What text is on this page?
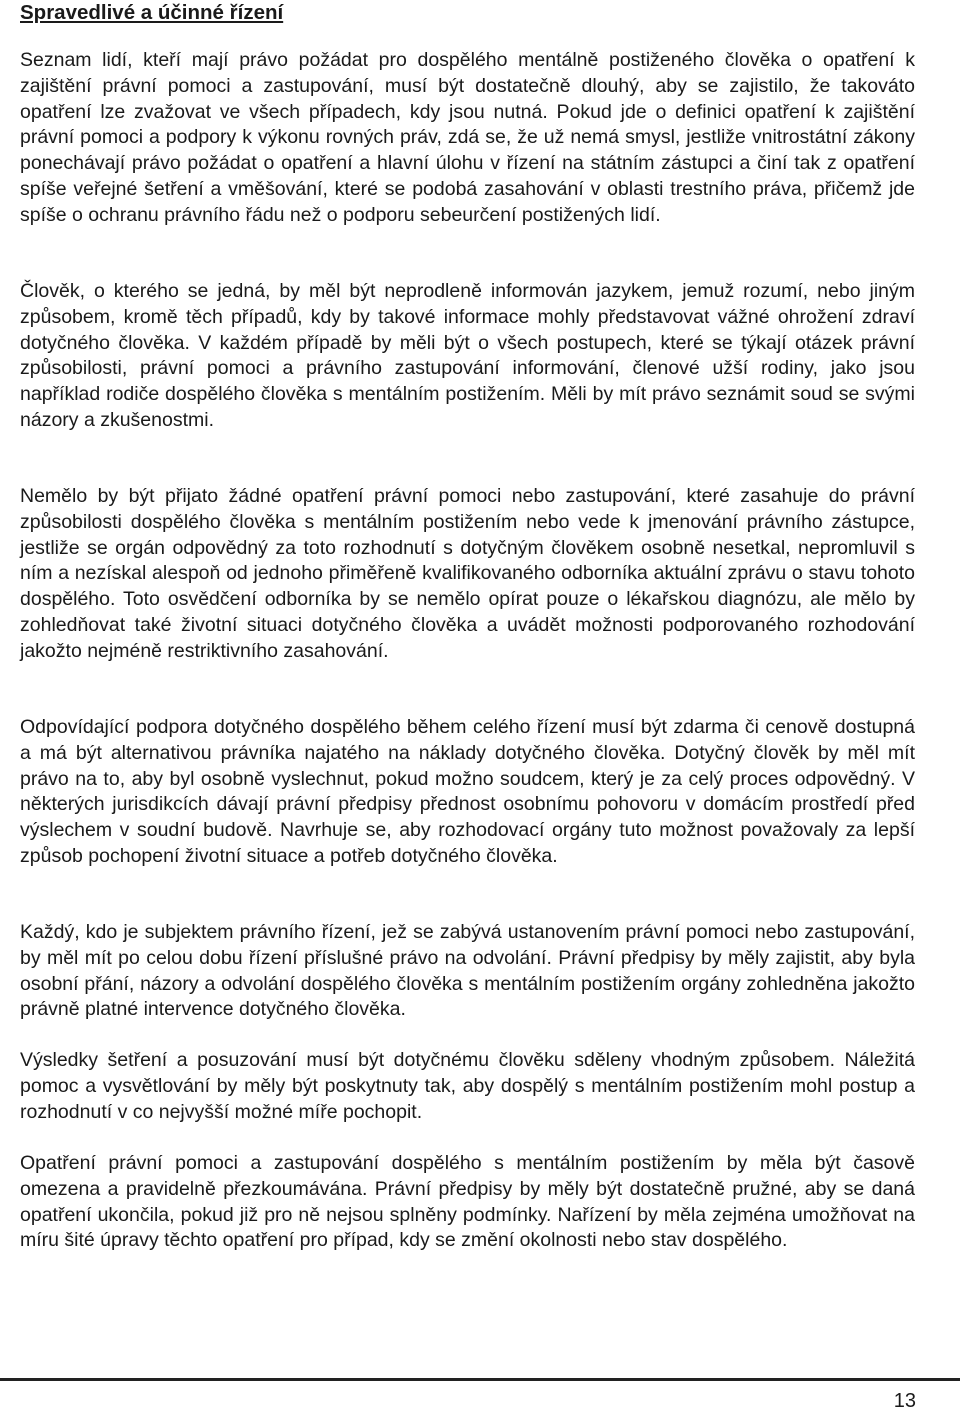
Spravedlivé a účinné řízení

Seznam lidí, kteří mají právo požádat pro dospělého mentálně postiženého člověka o opatření k zajištění právní pomoci a zastupování, musí být dostatečně dlouhý, aby se zajistilo, že takováto opatření lze zvažovat ve všech případech, kdy jsou nutná. Pokud jde o definici opatření k zajištění právní pomoci a podpory k výkonu rovných práv, zdá se, že už nemá smysl, jestliže vnitrostátní zákony ponechávají právo požádat o opatření a hlavní úlohu v řízení na státním zástupci a činí tak z opatření spíše veřejné šetření a vměšování, které se podobá zasahování v oblasti trestního práva, přičemž jde spíše o ochranu právního řádu než o podporu sebeurčení postižených lidí.

Člověk, o kterého se jedná, by měl být neprodleně informován jazykem, jemuž rozumí, nebo jiným způsobem, kromě těch případů, kdy by takové informace mohly představovat vážné ohrožení zdraví dotyčného člověka. V každém případě by měli být o všech postupech, které se týkají otázek právní způsobilosti, právní pomoci a právního zastupování informování, členové užší rodiny, jako jsou například rodiče dospělého člověka s mentálním postižením. Měli by mít právo seznámit soud se svými názory a zkušenostmi.

Nemělo by být přijato žádné opatření právní pomoci nebo zastupování, které zasahuje do právní způsobilosti dospělého člověka s mentálním postižením nebo vede k jmenování právního zástupce, jestliže se orgán odpovědný za toto rozhodnutí s dotyčným člověkem osobně nesetkal, nepromluvil s ním a nezískal alespoň od jednoho přiměřeně kvalifikovaného odborníka aktuální zprávu o stavu tohoto dospělého. Toto osvědčení odborníka by se nemělo opírat pouze o lékařskou diagnózu, ale mělo by zohledňovat také životní situaci dotyčného člověka a uvádět možnosti podporovaného rozhodování jakožto nejméně restriktivního zasahování.

Odpovídající podpora dotyčného dospělého během celého řízení musí být zdarma či cenově dostupná a má být alternativou právníka najatého na náklady dotyčného člověka. Dotyčný člověk by měl mít právo na to, aby byl osobně vyslechnut, pokud možno soudcem, který je za celý proces odpovědný. V některých jurisdikcích dávají právní předpisy přednost osobnímu pohovoru v domácím prostředí před výslechem v soudní budově. Navrhuje se, aby rozhodovací orgány tuto možnost považovaly za lepší způsob pochopení životní situace a potřeb dotyčného člověka.

Každý, kdo je subjektem právního řízení, jež se zabývá ustanovením právní pomoci nebo zastupování, by měl mít po celou dobu řízení příslušné právo na odvolání. Právní předpisy by měly zajistit, aby byla osobní přání, názory a odvolání dospělého člověka s mentálním postižením orgány zohledněna jakožto právně platné intervence dotyčného člověka.

Výsledky šetření a posuzování musí být dotyčnému člověku sděleny vhodným způsobem. Náležitá pomoc a vysvětlování by měly být poskytnuty tak, aby dospělý s mentálním postižením mohl postup a rozhodnutí v co nejvyšší možné míře pochopit.

Opatření právní pomoci a zastupování dospělého s mentálním postižením by měla být časově omezena a pravidelně přezkoumávána. Právní předpisy by měly být dostatečně pružné, aby se daná opatření ukončila, pokud již pro ně nejsou splněny podmínky. Nařízení by měla zejména umožňovat na míru šité úpravy těchto opatření pro případ, kdy se změní okolnosti nebo stav dospělého.

13
